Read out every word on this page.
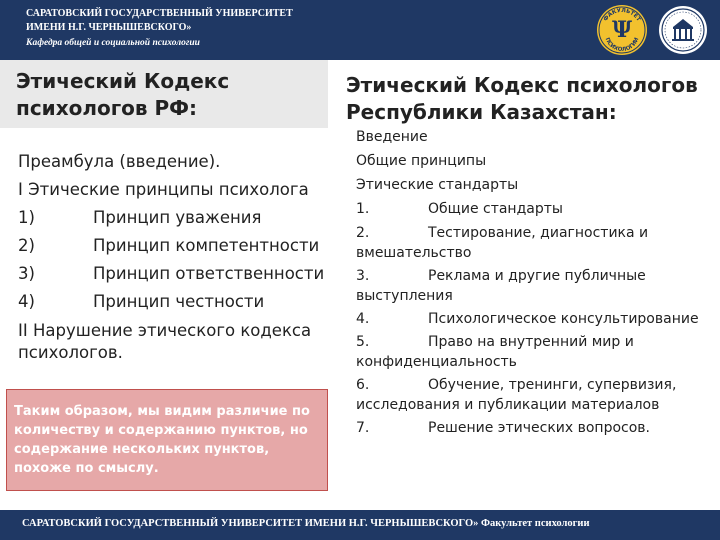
САРАТОВСКИЙ ГОСУДАРСТВЕННЫЙ УНИВЕРСИТЕТ
ИМЕНИ Н.Г. ЧЕРНЫШЕВСКОГО»
Кафедра общей и социальной психологии
ФАКУЛЬТЕТ
ПСИХОЛОГИИ
Ψ
Этический Кодекс психологов РФ:
Этический Кодекс психологов Республики Казахстан:
Преамбула (введение).
I Этические принципы психолога
1)	Принцип уважения
2)	Принцип компетентности
3)	Принцип ответственности
4)	Принцип честности
II Нарушение этического кодекса психологов.
Таким образом, мы видим различие по количеству и содержанию пунктов, но содержание нескольких пунктов, похоже по смыслу.
Введение
Общие принципы
Этические стандарты
1.	Общие стандарты
2.	Тестирование, диагностика и вмешательство
3.	Реклама и другие публичные выступления
4.	Психологическое консультирование
5.	Право на внутренний мир и конфиденциальность
6.	Обучение, тренинги, супервизия, исследования и публикации материалов
7.	Решение этических вопросов.
САРАТОВСКИЙ ГОСУДАРСТВЕННЫЙ УНИВЕРСИТЕТ ИМЕНИ Н.Г. ЧЕРНЫШЕВСКОГО» Факультет психологии
